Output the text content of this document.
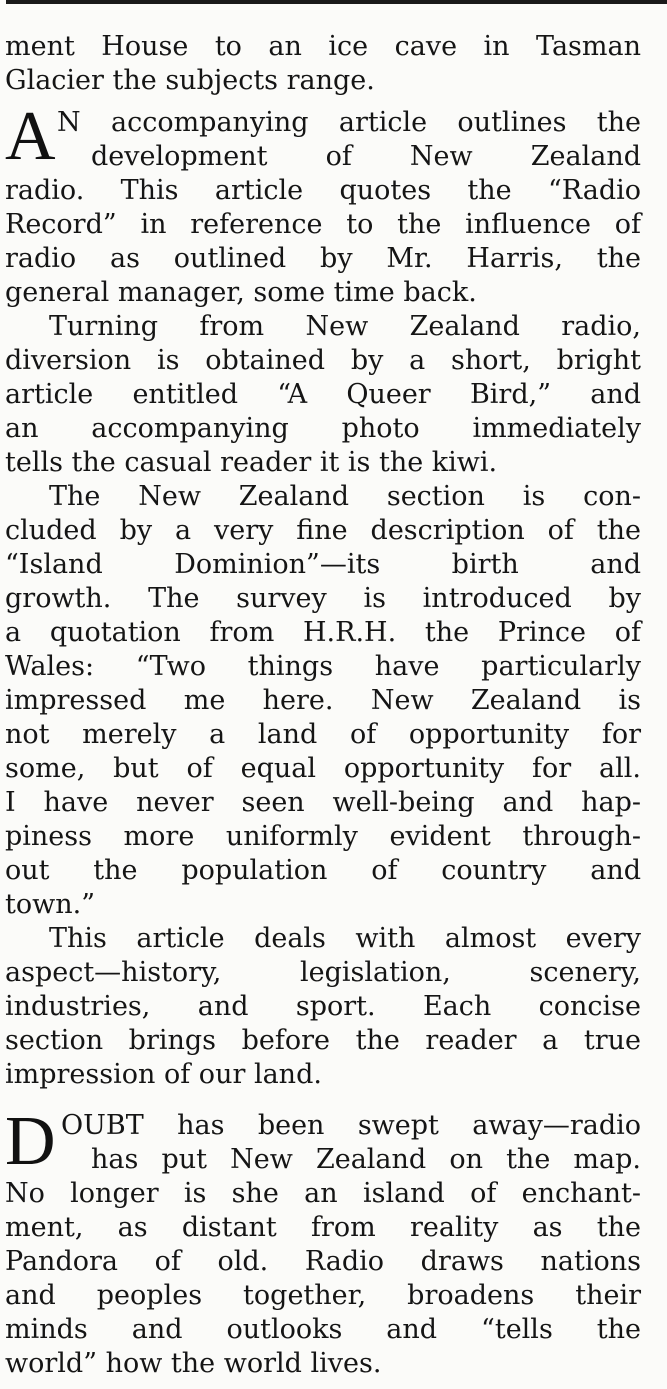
ment House to an ice cave in Tasman
Glacier the subjects range.
A N accompanying article outlines the
development of New Zealand
radio. This article quotes the “Radio
Record” in reference to the influence of
radio as outlined by Mr. Harris, the
general manager, some time back.
Turning from New Zealand radio,
diversion is obtained by a short, bright
article entitled “A Queer Bird,” and
an accompanying photo immediately
tells the casual reader it is the kiwi.
The New Zealand section is con-
cluded by a very fine description of the
“Island Dominion”—its birth and
growth. The survey is introduced by
a quotation from H.R.H. the Prince of
Wales: “Two things have particularly
impressed me here. New Zealand is
not merely a land of opportunity for
some, but of equal opportunity for all.
I have never seen well-being and hap-
piness more uniformly evident through-
out the population of country and
town.”
This article deals with almost every
aspect—history, legislation, scenery,
industries, and sport. Each concise
section brings before the reader a true
impression of our land.
D OUBT has been swept away—radio
has put New Zealand on the map.
No longer is she an island of enchant-
ment, as distant from reality as the
Pandora of old. Radio draws nations
and peoples together, broadens their
minds and outlooks and “tells the
world” how the world lives.
